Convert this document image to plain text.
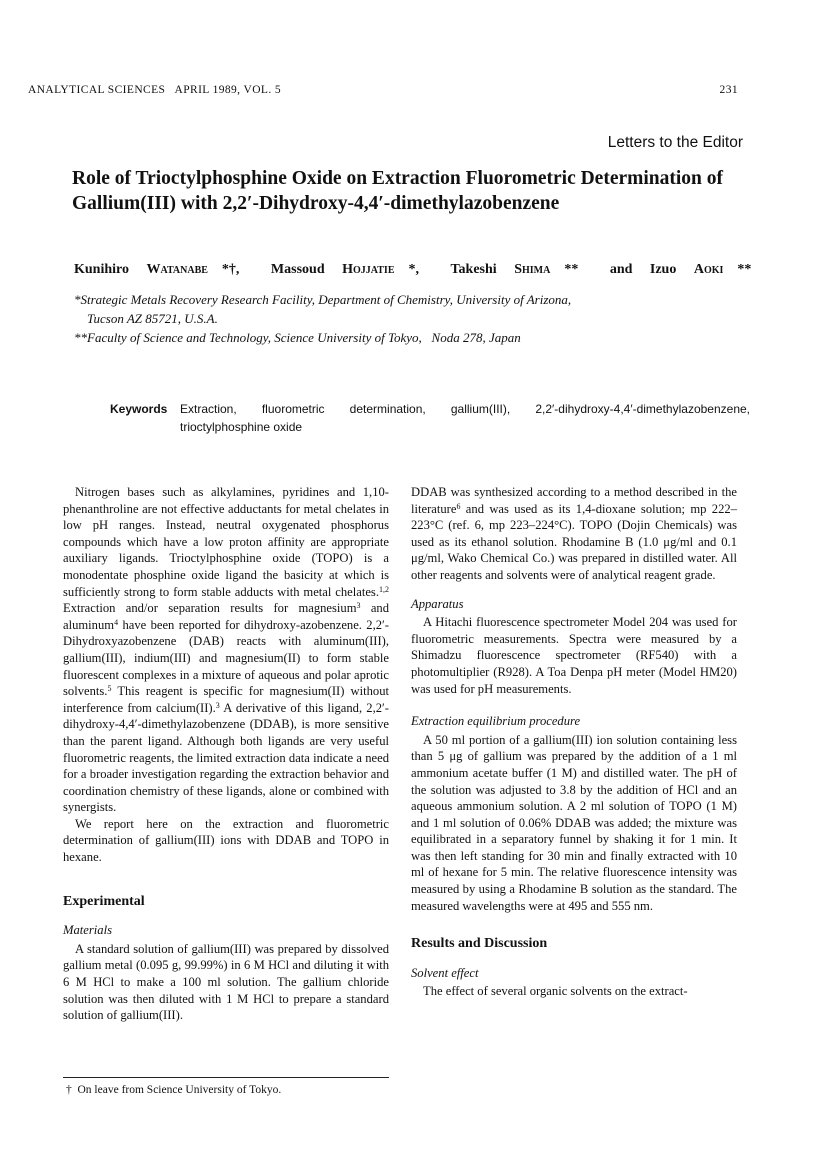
ANALYTICAL SCIENCES   APRIL 1989, VOL. 5	231
Letters to the Editor
Role of Trioctylphosphine Oxide on Extraction Fluorometric Determination of Gallium(III) with 2,2′-Dihydroxy-4,4′-dimethylazobenzene
Kunihiro Watanabe *†, Massoud Hojjatie *, Takeshi Shima ** and Izuo Aoki **
*Strategic Metals Recovery Research Facility, Department of Chemistry, University of Arizona,
Tucson AZ 85721, U.S.A.
**Faculty of Science and Technology, Science University of Tokyo,   Noda 278, Japan
Keywords Extraction, fluorometric determination, gallium(III), 2,2′-dihydroxy-4,4′-dimethylazobenzene, trioctylphosphine oxide

Nitrogen bases such as alkylamines, pyridines and 1,10-phenanthroline are not effective adductants for metal chelates in low pH ranges. Instead, neutral oxygenated phosphorus compounds which have a low proton affinity are appropriate auxiliary ligands. Trioctylphosphine oxide (TOPO) is a monodentate phosphine oxide ligand the basicity at which is sufficiently strong to form stable adducts with metal chelates.$^{1,2}$ Extraction and/or separation results for magnesium$^3$ and aluminum$^4$ have been reported for dihydroxy-azobenzene. 2,2′-Dihydroxyazobenzene (DAB) reacts with aluminum(III), gallium(III), indium(III) and magnesium(II) to form stable fluorescent complexes in a mixture of aqueous and polar aprotic solvents.$^5$ This reagent is specific for magnesium(II) without interference from calcium(II).$^3$ A derivative of this ligand, 2,2′-dihydroxy-4,4′-dimethylazobenzene (DDAB), is more sensitive than the parent ligand. Although both ligands are very useful fluorometric reagents, the limited extraction data indicate a need for a broader investigation regarding the extraction behavior and coordination chemistry of these ligands, alone or combined with synergists.

We report here on the extraction and fluorometric determination of gallium(III) ions with DDAB and TOPO in hexane.

Experimental
Materials

A standard solution of gallium(III) was prepared by dissolved gallium metal (0.095 g, 99.99%) in 6 M HCl and diluting it with 6 M HCl to make a 100 ml solution. The gallium chloride solution was then diluted with 1 M HCl to prepare a standard solution of gallium(III).

DDAB was synthesized according to a method described in the literature$^6$ and was used as its 1,4-dioxane solution; mp 222–223°C (ref. 6, mp 223–224°C). TOPO (Dojin Chemicals) was used as its ethanol solution. Rhodamine B (1.0 μg/ml and 0.1 μg/ml, Wako Chemical Co.) was prepared in distilled water. All other reagents and solvents were of analytical reagent grade.

Apparatus

A Hitachi fluorescence spectrometer Model 204 was used for fluorometric measurements. Spectra were measured by a Shimadzu fluorescence spectrometer (RF540) with a photomultiplier (R928). A Toa Denpa pH meter (Model HM20) was used for pH measurements.

Extraction equilibrium procedure

A 50 ml portion of a gallium(III) ion solution containing less than 5 μg of gallium was prepared by the addition of a 1 ml ammonium acetate buffer (1 M) and distilled water. The pH of the solution was adjusted to 3.8 by the addition of HCl and an aqueous ammonium solution. A 2 ml solution of TOPO (1 M) and 1 ml solution of 0.06% DDAB was added; the mixture was equilibrated in a separatory funnel by shaking it for 1 min. It was then left standing for 30 min and finally extracted with 10 ml of hexane for 5 min. The relative fluorescence intensity was measured by using a Rhodamine B solution as the standard. The measured wavelengths were at 495 and 555 nm.

Results and Discussion
Solvent effect

The effect of several organic solvents on the extract-

†  On leave from Science University of Tokyo.
